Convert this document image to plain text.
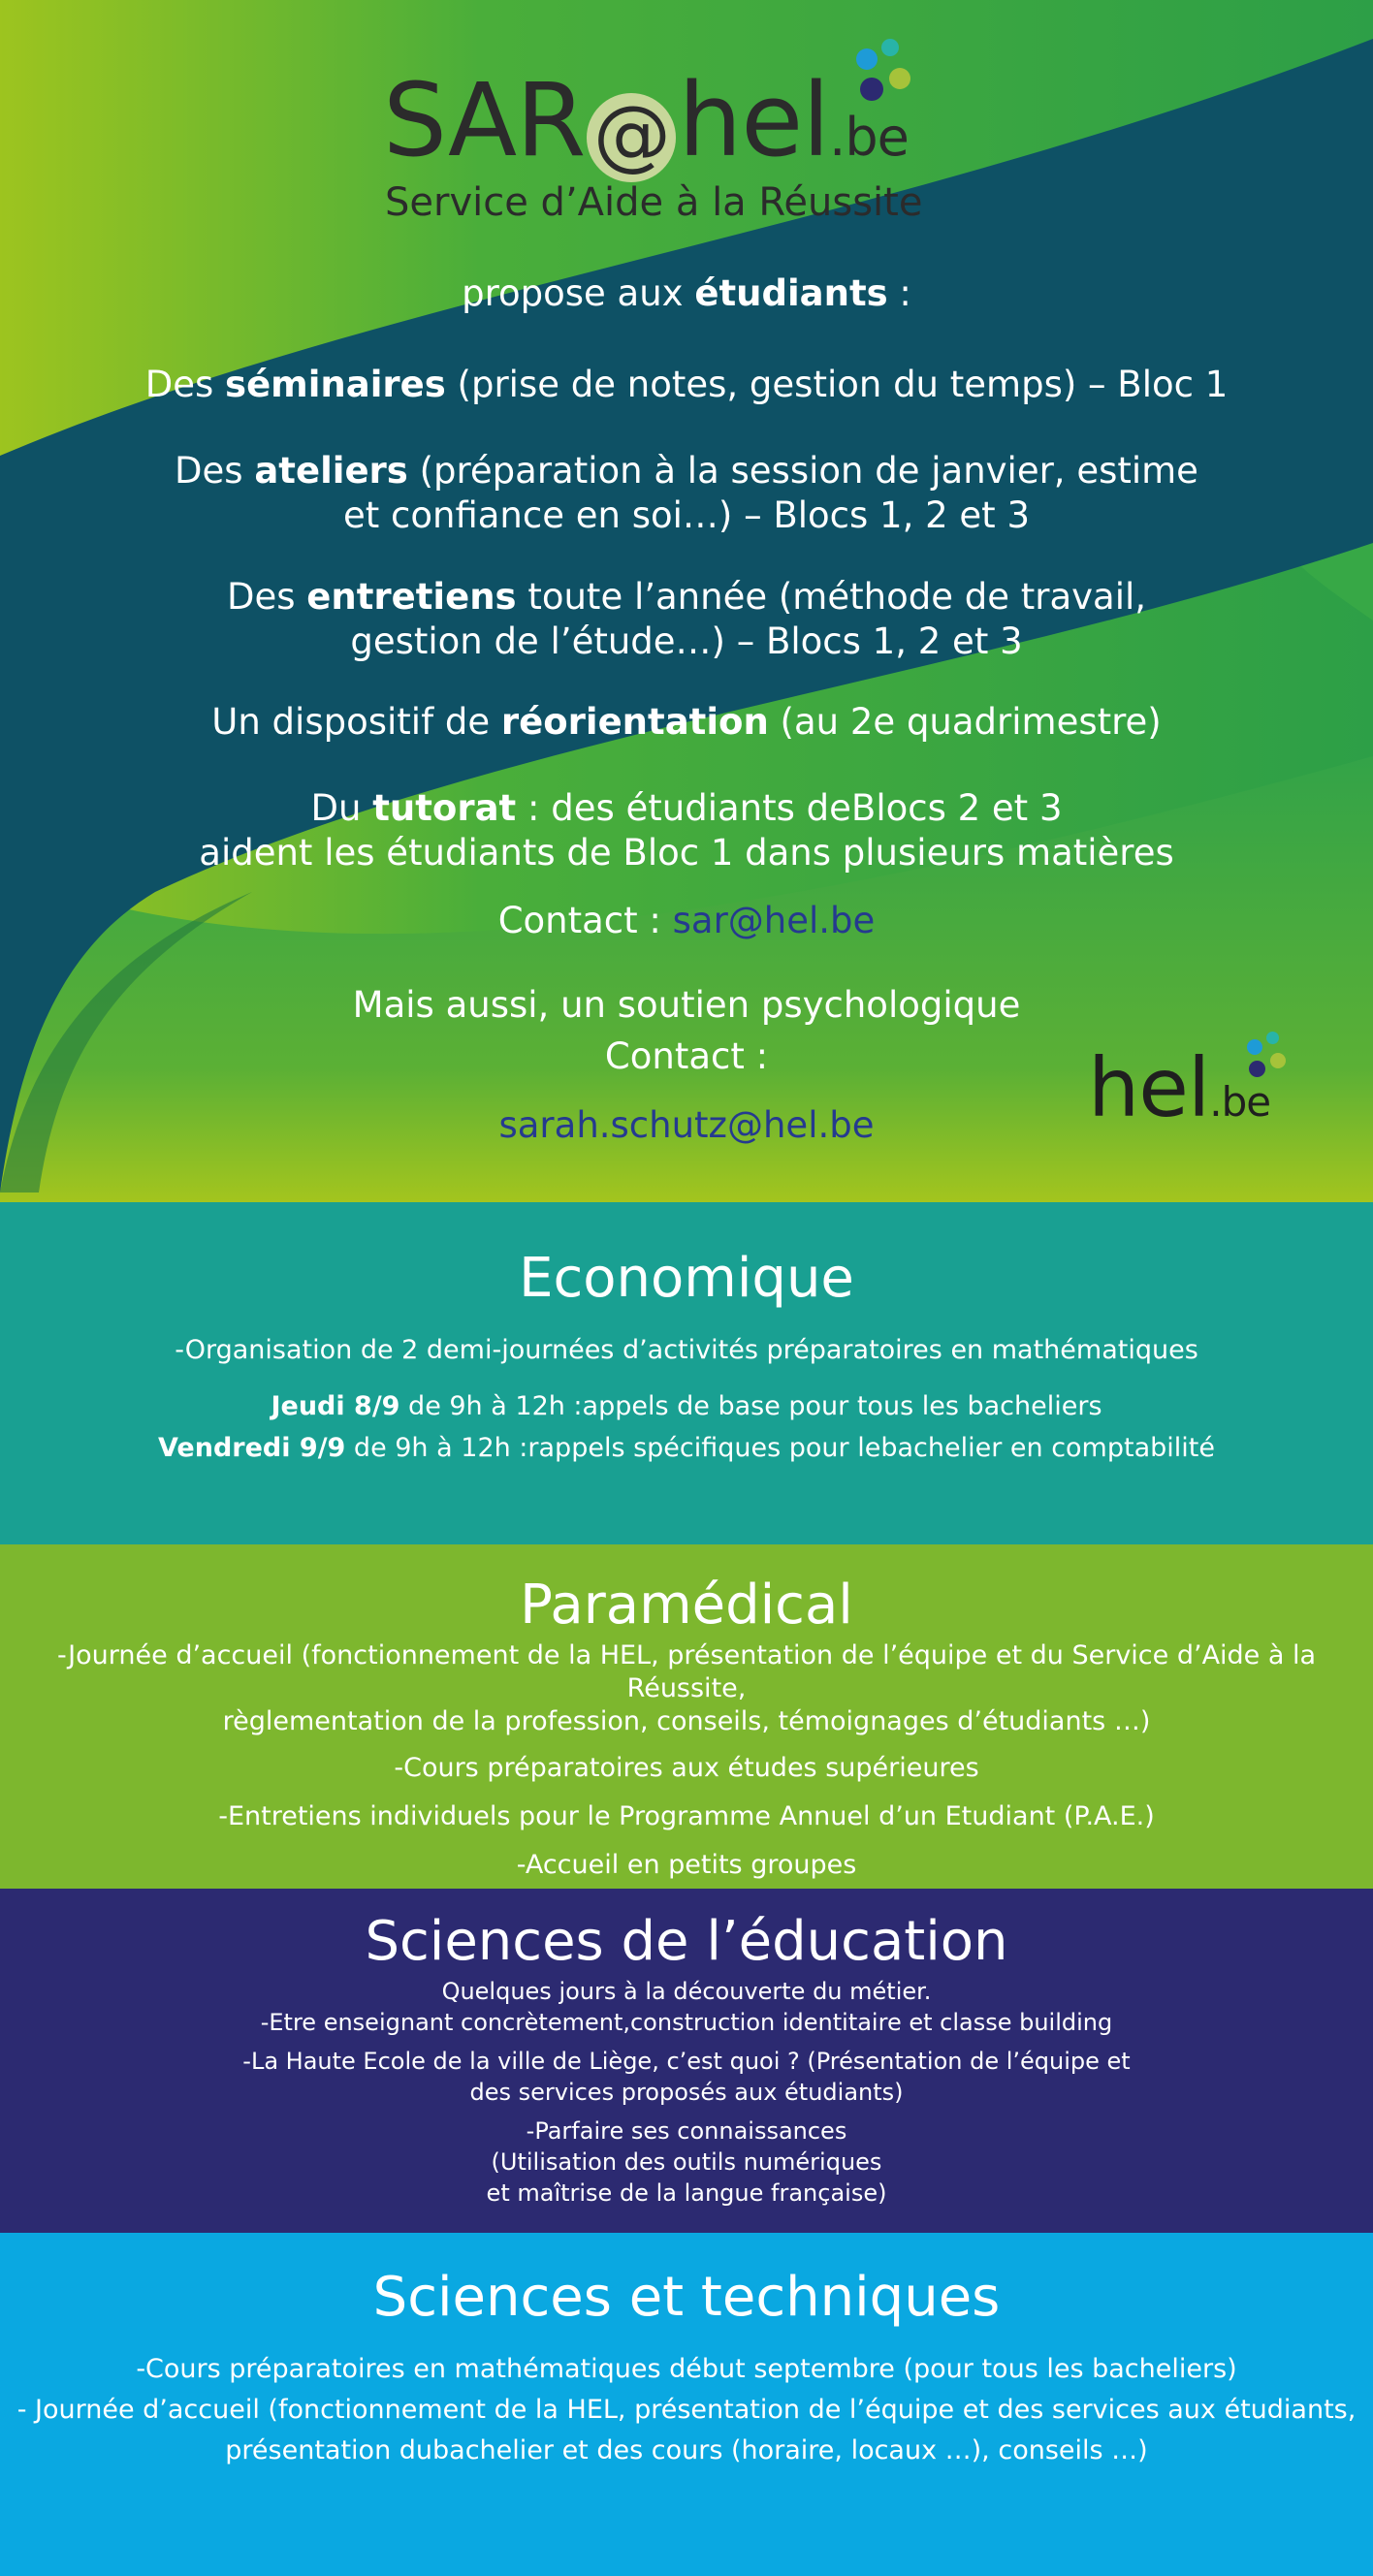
SAR @hel.be
Service d’Aide à la Réussite
propose aux étudiants :
Des séminaires (prise de notes, gestion du temps) – Bloc 1
Des ateliers (préparation à la session de janvier, estime
et confiance en soi…) – Blocs 1, 2 et 3
Des entretiens toute l’année (méthode de travail,
gestion de l’étude…) – Blocs 1, 2 et 3
Un dispositif de réorientation (au 2e quadrimestre)
Du tutorat : des étudiants deBlocs 2 et 3
aident les étudiants de Bloc 1 dans plusieurs matières
Contact : sar@hel.be
Mais aussi, un soutien psychologique
Contact :
sarah.schutz@hel.be	hel.be
Economique
-Organisation de 2 demi-journées d’activités préparatoires en mathématiques
Jeudi 8/9 de 9h à 12h :appels de base pour tous les bacheliers
Vendredi 9/9 de 9h à 12h :rappels spécifiques pour lebachelier en comptabilité
Paramédical
-Journée d’accueil (fonctionnement de la HEL, présentation de l’équipe et du Service d’Aide à la Réussite,
règlementation de la profession, conseils, témoignages d’étudiants …)
-Cours préparatoires aux études supérieures
-Entretiens individuels pour le Programme Annuel d’un Etudiant (P.A.E.)
-Accueil en petits groupes
Sciences de l’éducation
Quelques jours à la découverte du métier.
-Etre enseignant concrètement,construction identitaire et classe building
-La Haute Ecole de la ville de Liège, c’est quoi ? (Présentation de l’équipe et
des services proposés aux étudiants)
-Parfaire ses connaissances
(Utilisation des outils numériques
et maîtrise de la langue française)
Sciences et techniques
-Cours préparatoires en mathématiques début septembre (pour tous les bacheliers)
- Journée d’accueil (fonctionnement de la HEL, présentation de l’équipe et des services aux étudiants,
présentation dubachelier et des cours (horaire, locaux …), conseils …)
